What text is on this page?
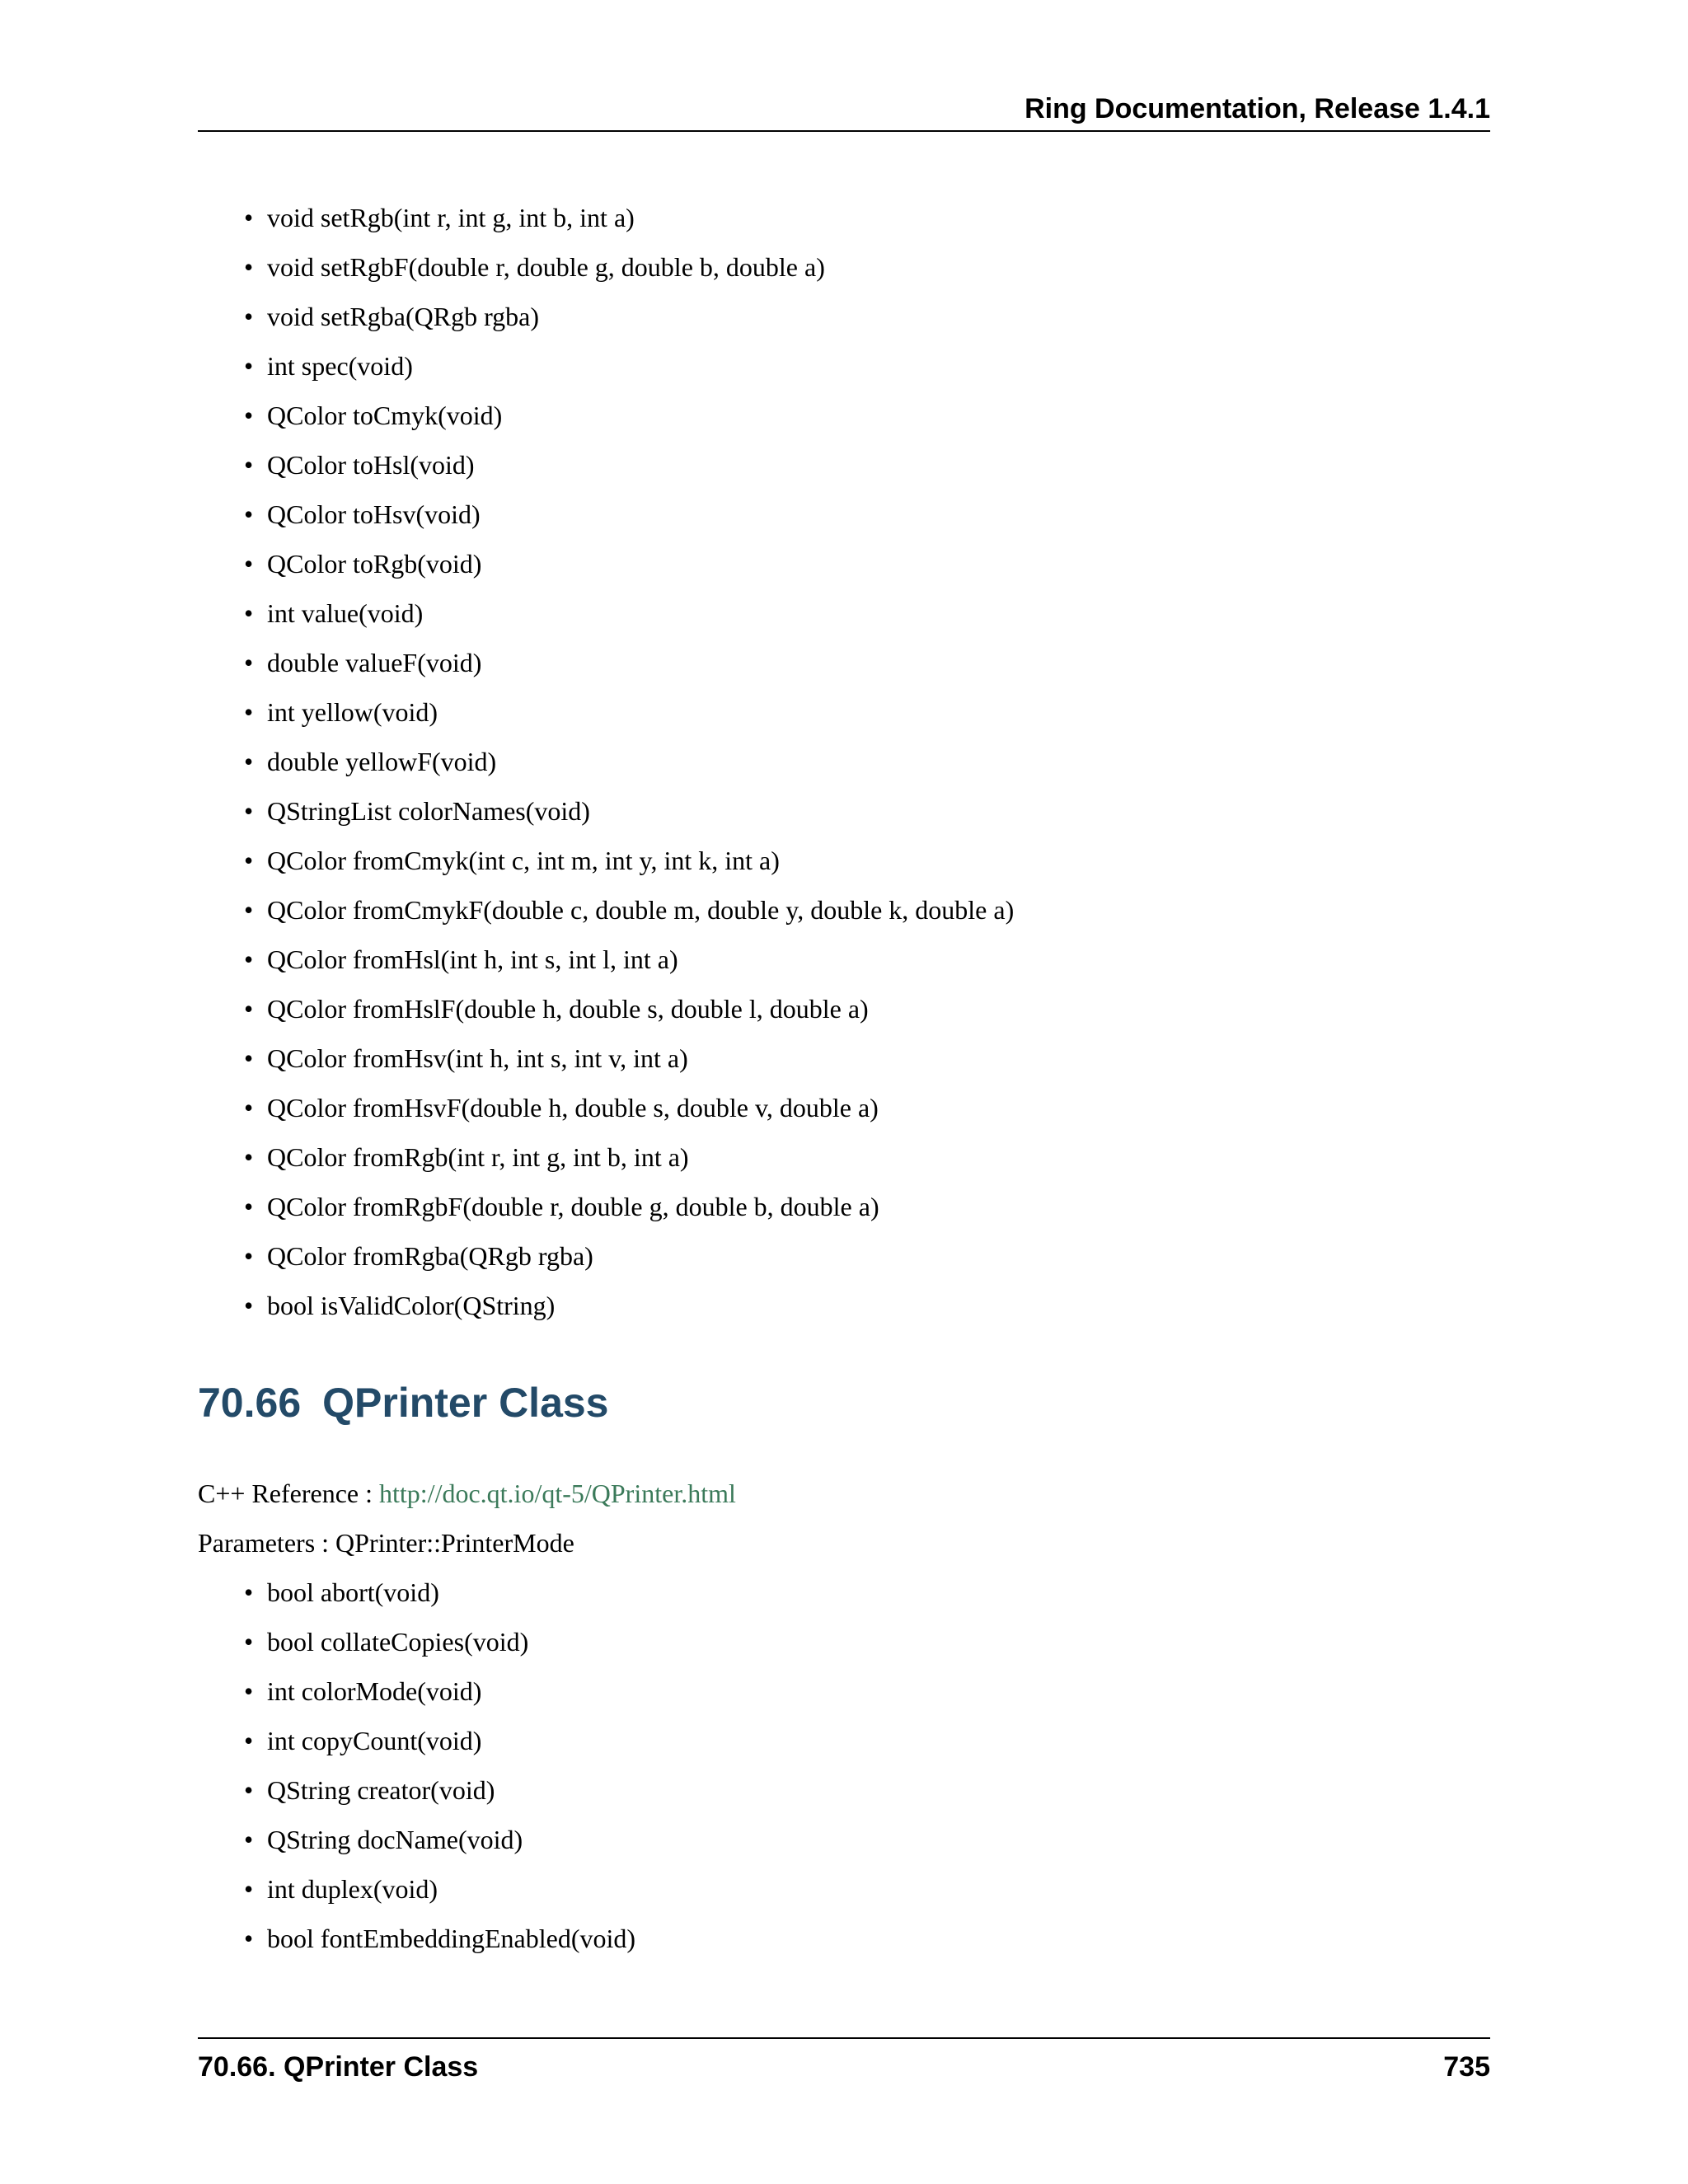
Ring Documentation, Release 1.4.1
• void setRgb(int r, int g, int b, int a)
• void setRgbF(double r, double g, double b, double a)
• void setRgba(QRgb rgba)
• int spec(void)
• QColor toCmyk(void)
• QColor toHsl(void)
• QColor toHsv(void)
• QColor toRgb(void)
• int value(void)
• double valueF(void)
• int yellow(void)
• double yellowF(void)
• QStringList colorNames(void)
• QColor fromCmyk(int c, int m, int y, int k, int a)
• QColor fromCmykF(double c, double m, double y, double k, double a)
• QColor fromHsl(int h, int s, int l, int a)
• QColor fromHslF(double h, double s, double l, double a)
• QColor fromHsv(int h, int s, int v, int a)
• QColor fromHsvF(double h, double s, double v, double a)
• QColor fromRgb(int r, int g, int b, int a)
• QColor fromRgbF(double r, double g, double b, double a)
• QColor fromRgba(QRgb rgba)
• bool isValidColor(QString)
70.66 QPrinter Class

C++ Reference : http://doc.qt.io/qt-5/QPrinter.html

Parameters : QPrinter::PrinterMode

• bool abort(void)
• bool collateCopies(void)
• int colorMode(void)
• int copyCount(void)
• QString creator(void)
• QString docName(void)
• int duplex(void)
• bool fontEmbeddingEnabled(void)
70.66. QPrinter Class	735
